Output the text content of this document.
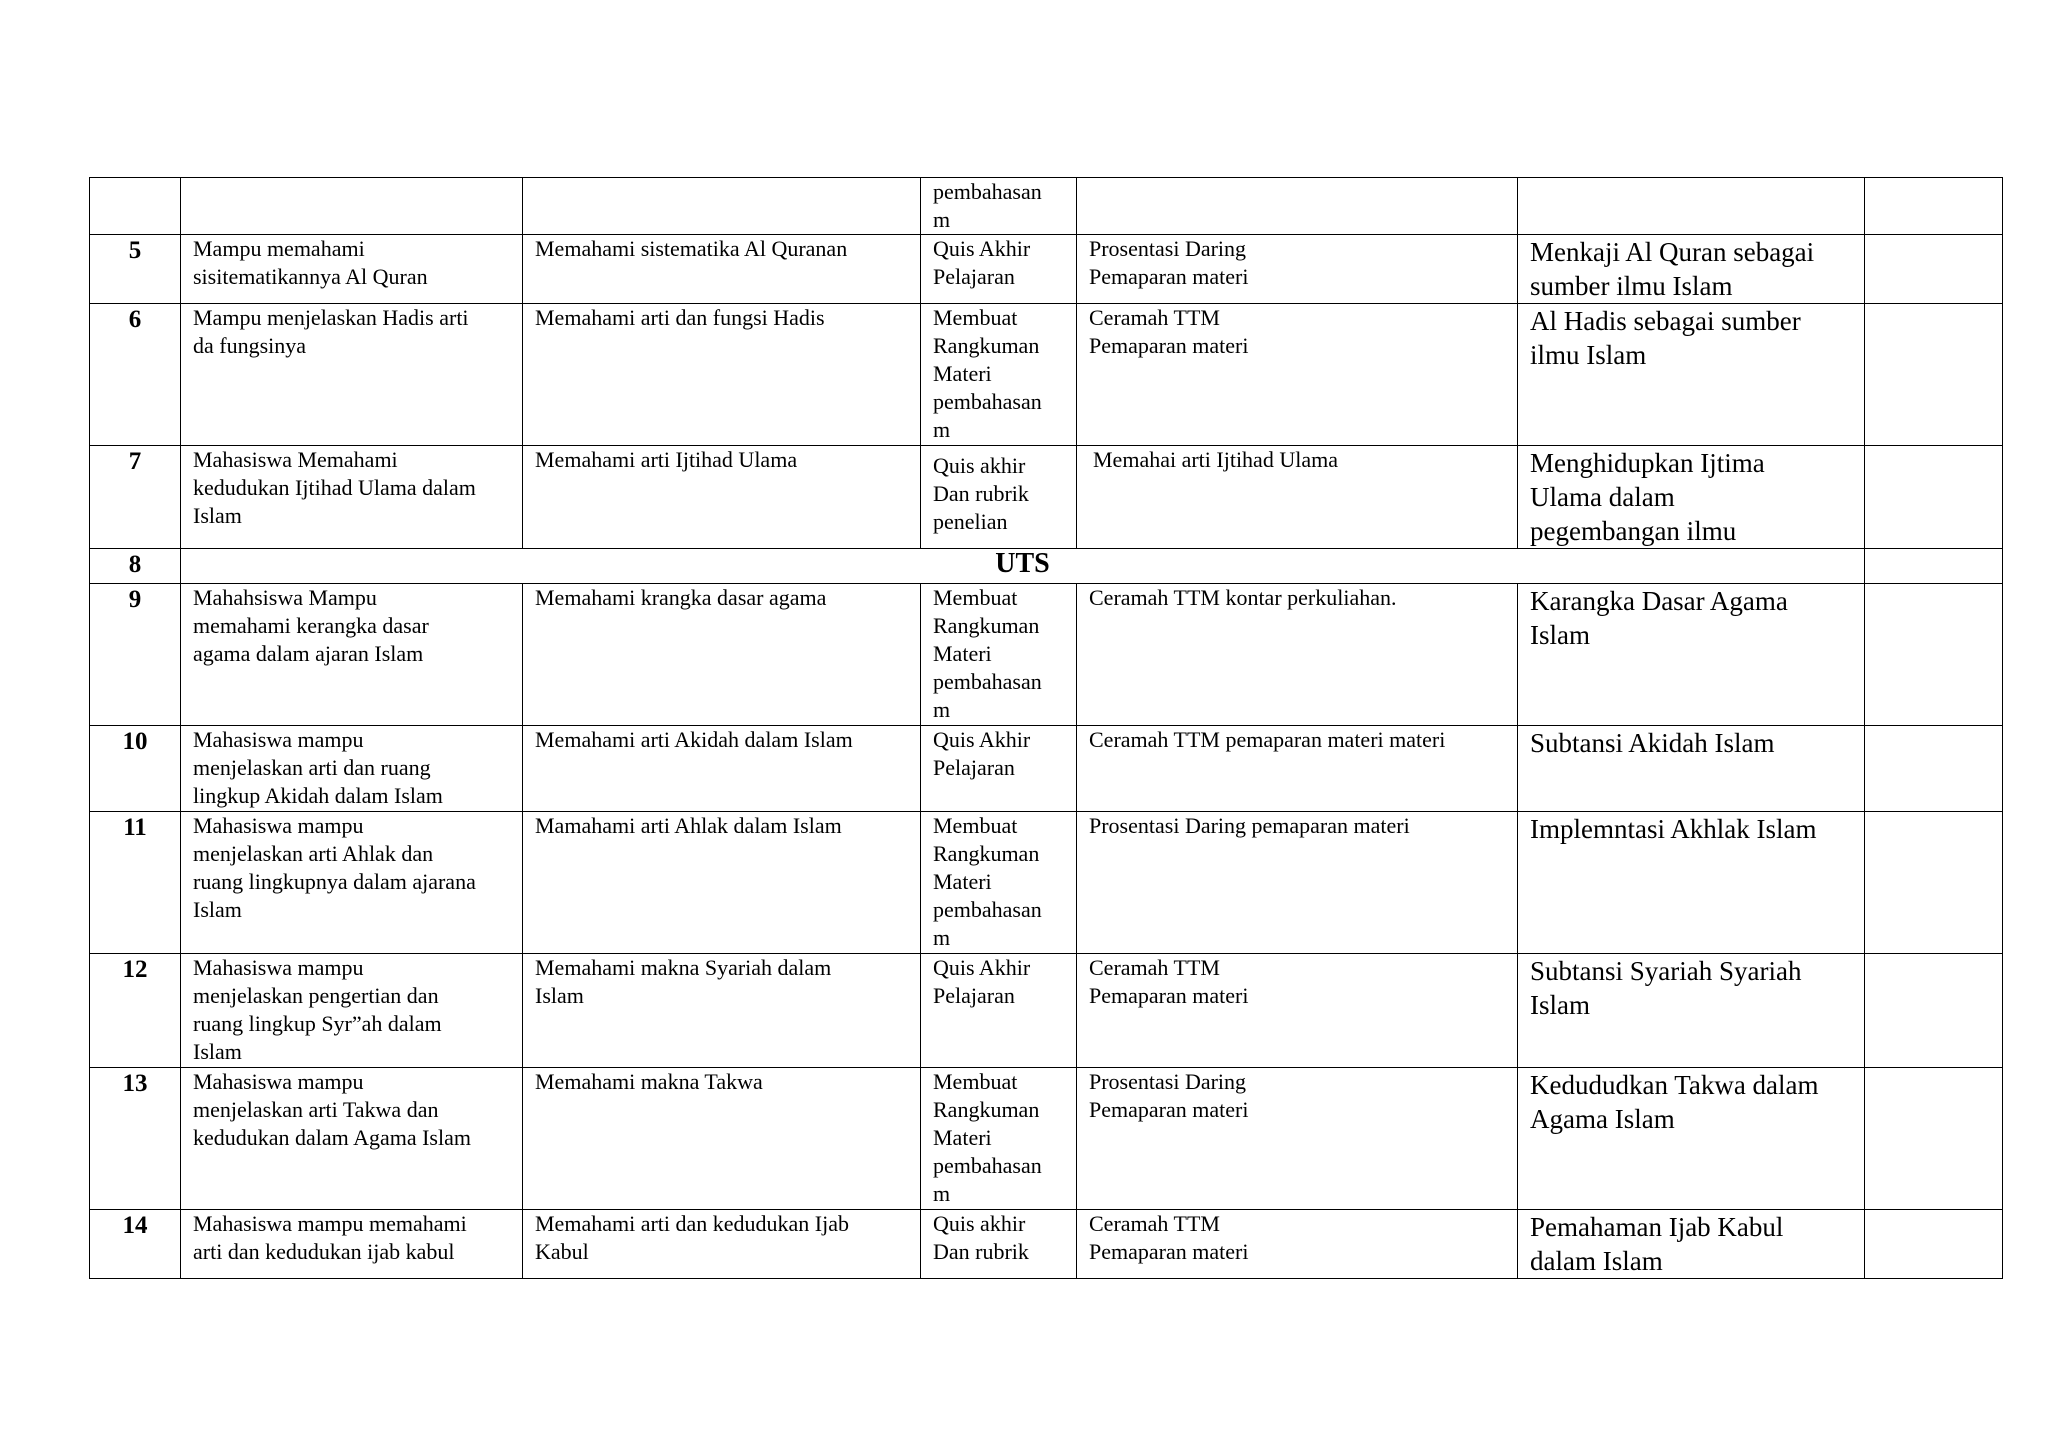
pembahasan
m			

5	Mampu memahami
sisitematikannya Al Quran	Memahami sistematika Al Quranan	Quis Akhir
Pelajaran	Prosentasi Daring
Pemaparan materi	Menkaji Al Quran sebagai
sumber ilmu Islam	

6	Mampu menjelaskan Hadis arti
da fungsinya	Memahami arti dan fungsi Hadis	Membuat
Rangkuman
Materi
pembahasan
m	Ceramah TTM
Pemaparan materi	Al Hadis sebagai sumber
ilmu Islam	

7	Mahasiswa Memahami
kedudukan Ijtihad Ulama dalam
Islam	Memahami arti Ijtihad Ulama	Quis akhir
Dan rubrik
penelian	Memahai arti Ijtihad Ulama	Menghidupkan Ijtima
Ulama dalam
pegembangan ilmu	

8	UTS					

9	Mahahsiswa Mampu
memahami kerangka dasar
agama dalam ajaran Islam	Memahami krangka dasar agama	Membuat
Rangkuman
Materi
pembahasan
m	Ceramah TTM kontar perkuliahan.	Karangka Dasar Agama
Islam	

10	Mahasiswa mampu
menjelaskan arti dan ruang
lingkup Akidah dalam Islam	Memahami arti Akidah dalam Islam	Quis Akhir
Pelajaran	Ceramah TTM pemaparan materi materi	Subtansi Akidah Islam	

11	Mahasiswa mampu
menjelaskan arti Ahlak dan
ruang lingkupnya dalam ajarana
Islam	Mamahami arti Ahlak dalam Islam	Membuat
Rangkuman
Materi
pembahasan
m	Prosentasi Daring pemaparan materi	Implemntasi Akhlak Islam	

12	Mahasiswa mampu
menjelaskan pengertian dan
ruang lingkup Syr”ah dalam
Islam	Memahami makna Syariah dalam
Islam	Quis Akhir
Pelajaran	Ceramah TTM
Pemaparan materi	Subtansi Syariah Syariah
Islam	

13	Mahasiswa mampu
menjelaskan arti Takwa dan
kedudukan dalam Agama Islam	Memahami makna Takwa	Membuat
Rangkuman
Materi
pembahasan
m	Prosentasi Daring
Pemaparan materi	Kedududkan Takwa dalam
Agama Islam	

14	Mahasiswa mampu memahami
arti dan kedudukan ijab kabul	Memahami arti dan kedudukan Ijab
Kabul	Quis akhir
Dan rubrik	Ceramah TTM
Pemaparan materi	Pemahaman Ijab Kabul
dalam Islam	
